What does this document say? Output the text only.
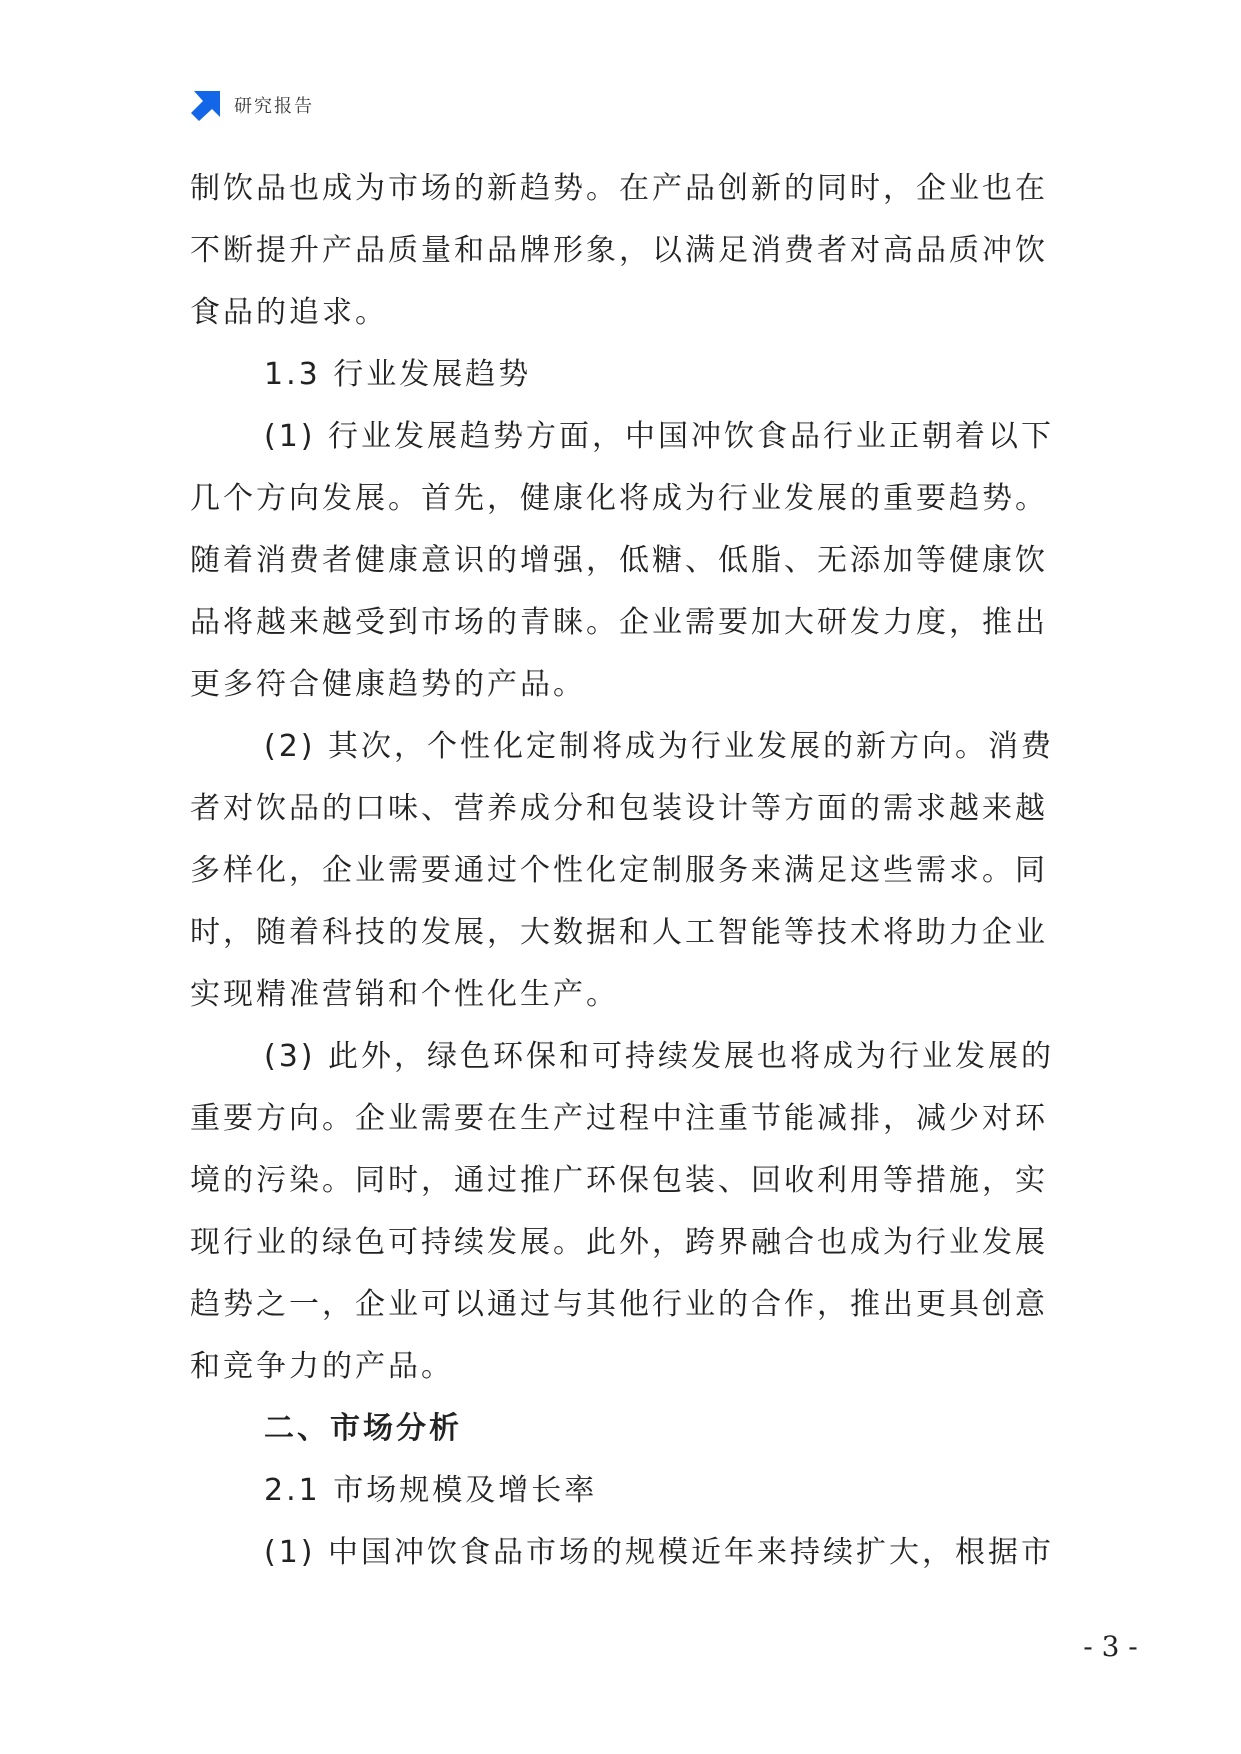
研究报告
制饮品也成为市场的新趋势。在产品创新的同时，企业也在
不断提升产品质量和品牌形象，以满足消费者对高品质冲饮
食品的追求。
1.3 行业发展趋势
(1) 行业发展趋势方面，中国冲饮食品行业正朝着以下
几个方向发展。首先，健康化将成为行业发展的重要趋势。
随着消费者健康意识的增强，低糖、低脂、无添加等健康饮
品将越来越受到市场的青睐。企业需要加大研发力度，推出
更多符合健康趋势的产品。
(2) 其次，个性化定制将成为行业发展的新方向。消费
者对饮品的口味、营养成分和包装设计等方面的需求越来越
多样化，企业需要通过个性化定制服务来满足这些需求。同
时，随着科技的发展，大数据和人工智能等技术将助力企业
实现精准营销和个性化生产。
(3) 此外，绿色环保和可持续发展也将成为行业发展的
重要方向。企业需要在生产过程中注重节能减排，减少对环
境的污染。同时，通过推广环保包装、回收利用等措施，实
现行业的绿色可持续发展。此外，跨界融合也成为行业发展
趋势之一，企业可以通过与其他行业的合作，推出更具创意
和竞争力的产品。
二、市场分析
2.1 市场规模及增长率
(1) 中国冲饮食品市场的规模近年来持续扩大，根据市
- 3 -
